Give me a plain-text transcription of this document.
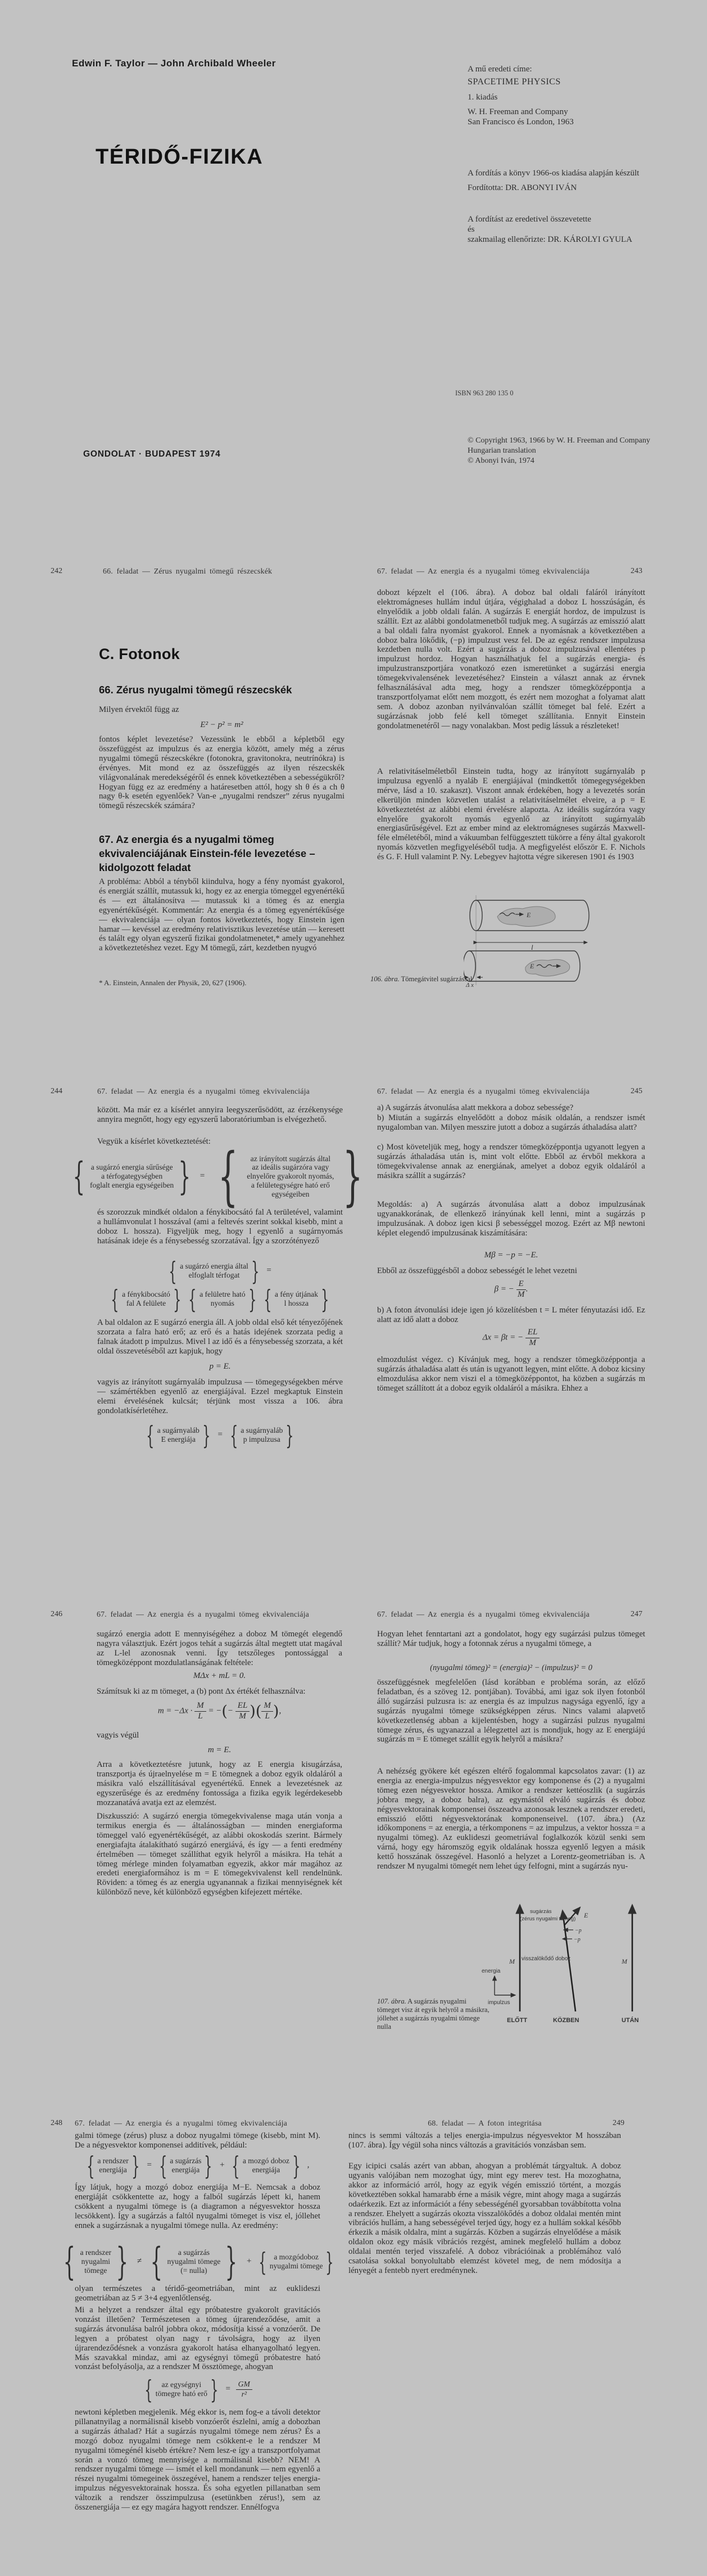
Edwin F. Taylor — John Archibald Wheeler
TÉRIDŐ-FIZIKA
GONDOLAT · BUDAPEST 1974
A mű eredeti címe:
SPACETIME PHYSICS
1. kiadás
W. H. Freeman and Company
San Francisco és London, 1963
A fordítás a könyv 1966-os kiadása alapján készült
Fordította: DR. ABONYI IVÁN
A fordítást az eredetivel összevetette
és
szakmailag ellenőrizte: DR. KÁROLYI GYULA
ISBN 963 280 135 0
© Copyright 1963, 1966 by W. H. Freeman and Company
Hungarian translation
© Abonyi Iván, 1974
242	66. feladat — Zérus nyugalmi tömegű részecskék
C. Fotonok
66. Zérus nyugalmi tömegű részecskék
Milyen érvektől függ az
E² − p² = m²
fontos képlet levezetése? Vezessünk le ebből a képletből egy összefüggést az impulzus és az energia között, amely még a zérus nyugalmi tömegű részecskékre (fotonokra, gravitonokra, neutrínókra) is érvényes. Mit mond ez az összefüggés az ilyen részecskék világvonalának meredekségéről és ennek következtében a sebességükről? Hogyan függ ez az eredmény a határesetben attól, hogy sh θ és a ch θ nagy θ-k esetén egyenlőek? Van-e „nyugalmi rendszer” zérus nyugalmi tömegű részecskék számára?
67. Az energia és a nyugalmi tömeg ekvivalenciájának Einstein-féle levezetése – kidolgozott feladat
A probléma: Abból a tényből kiindulva, hogy a fény nyomást gyakorol, és energiát szállít, mutassuk ki, hogy ez az energia tömeggel egyenértékű és — ezt általánosítva — mutassuk ki a tömeg és az energia egyenértékűségét. Kommentár: Az energia és a tömeg egyenértékűsége — ekvivalenciája — olyan fontos következtetés, hogy Einstein igen hamar — kevéssel az eredmény relativisztikus levezetése után — keresett és talált egy olyan egyszerű fizikai gondolatmenetet,* amely ugyanehhez a következtetéshez vezet. Egy M tömegű, zárt, kezdetben nyugvó
* A. Einstein, Annalen der Physik, 20, 627 (1906).
67. feladat — Az energia és a nyugalmi tömeg ekvivalenciája	243
dobozt képzelt el (106. ábra). A doboz bal oldali faláról irányított elektromágneses hullám indul útjára, végighalad a doboz L hosszúságán, és elnyelődik a jobb oldali falán. A sugárzás E energiát hordoz, de impulzust is szállít. Ezt az alábbi gondolatmenetből tudjuk meg. A sugárzás az emisszió alatt a bal oldali falra nyomást gyakorol. Ennek a nyomásnak a következtében a doboz balra lökődik, (−p) impulzust vesz fel. De az egész rendszer impulzusa kezdetben nulla volt. Ezért a sugárzás a doboz impulzusával ellentétes p impulzust hordoz. Hogyan használhatjuk fel a sugárzás energia- és impulzustranszportjára vonatkozó ezen ismeretünket a sugárzási energia tömegekvivalensének levezetéséhez? Einstein a választ annak az érvnek felhasználásával adta meg, hogy a rendszer tömegközéppontja a transzportfolyamat előtt nem mozgott, és ezért nem mozoghat a folyamat alatt sem. A doboz azonban nyilvánvalóan szállít tömeget bal felé. Ezért a sugárzásnak jobb felé kell tömeget szállítania. Ennyit Einstein gondolatmenetéről — nagy vonalakban. Most pedig lássuk a részleteket!
A relativitáselméletből Einstein tudta, hogy az irányított sugárnyaláb p impulzusa egyenlő a nyaláb E energiájával (mindkettőt tömegegységekben mérve, lásd a 10. szakaszt). Viszont annak érdekében, hogy a levezetés során elkerüljön minden közvetlen utalást a relativitáselmélet elveire, a p = E következtetést az alábbi elemi érvelésre alapozta. Az ideális sugárzóra vagy elnyelőre gyakorolt nyomás egyenlő az irányított sugárnyaláb energiasűrűségével. Ezt az ember mind az elektromágneses sugárzás Maxwell-féle elméletéből, mind a vákuumban felfüggesztett tükörre a fény által gyakorolt nyomás közvetlen megfigyeléséből tudja. A megfigyelést először E. F. Nichols és G. F. Hull valamint P. Ny. Lebegyev hajtotta végre sikeresen 1901 és 1903
E
l
E
Δ x
106. ábra. Tömegátvitel sugárzással
244	67. feladat — Az energia és a nyugalmi tömeg ekvivalenciája
között. Ma már ez a kísérlet annyira leegyszerűsödött, az érzékenysége annyira megnőtt, hogy egy egyszerű laboratóriumban is elvégezhető.
Vegyük a kísérlet következtetését:
{ a sugárzó energia sűrűsége
a térfogategységben
foglalt energia egységeiben } = {	az irányított sugárzás által
az ideális sugárzóra vagy
elnyelőre gyakorolt nyomás,
a felületegységre ható erő
egységeiben }
és szorozzuk mindkét oldalon a fénykibocsátó fal A területével, valamint a hullámvonulat l hosszával (ami a feltevés szerint sokkal kisebb, mint a doboz L hossza). Figyeljük meg, hogy l egyenlő a sugárnyomás hatásának ideje és a fénysebesség szorzatával. Így a szorzótényező
{ a sugárzó energia által
elfoglalt térfogat } =
{ a fénykibocsátó
fal A felülete } { a felületre ható
nyomás } { a fény útjának
l hossza }
A bal oldalon az E sugárzó energia áll. A jobb oldal első két tényezőjének szorzata a falra ható erő; az erő és a hatás idejének szorzata pedig a falnak átadott p impulzus. Mivel l az idő és a fénysebesség szorzata, a két oldal összevetéséből azt kapjuk, hogy
p = E.
vagyis az irányított sugárnyaláb impulzusa — tömegegységekben mérve — számértékben egyenlő az energiájával. Ezzel megkaptuk Einstein elemi érvelésének kulcsát; térjünk most vissza a 106. ábra gondolatkísérletéhez.
{ a sugárnyaláb
E energiája } = { a sugárnyaláb
p impulzusa }
67. feladat — Az energia és a nyugalmi tömeg ekvivalenciája	245
a) A sugárzás átvonulása alatt mekkora a doboz sebessége?
b) Miután a sugárzás elnyelődött a doboz másik oldalán, a rendszer ismét nyugalomban van. Milyen messzire jutott a doboz a sugárzás áthaladása alatt?
c) Most követeljük meg, hogy a rendszer tömegközéppontja ugyanott legyen a sugárzás áthaladása után is, mint volt előtte. Ebből az érvből mekkora a tömegekvivalense annak az energiának, amelyet a doboz egyik oldaláról a másikra szállít a sugárzás?
Megoldás: a) A sugárzás átvonulása alatt a doboz impulzusának ugyanakkorának, de ellenkező irányúnak kell lenni, mint a sugárzás p impulzusának. A doboz igen kicsi β sebességgel mozog. Ezért az Mβ newtoni képlet elegendő impulzusának kiszámítására:
Mβ = −p = −E.
Ebből az összefüggésből a doboz sebességét le lehet vezetni
β = − $\frac{E}{M}$ .
b) A foton átvonulási ideje igen jó közelítésben t = L méter fényutazási idő. Ez alatt az idő alatt a doboz
Δx = βt = − $\frac{EL}{M}$
elmozdulást végez. c) Kívánjuk meg, hogy a rendszer tömegközéppontja a sugárzás áthaladása alatt és után is ugyanott legyen, mint előtte. A doboz kicsiny elmozdulása akkor nem viszi el a tömegközéppontot, ha közben a sugárzás m tömeget szállított át a doboz egyik oldaláról a másikra. Ehhez a
246	67. feladat — Az energia és a nyugalmi tömeg ekvivalenciája
sugárzó energia adott E mennyiségéhez a doboz M tömegét elegendő nagyra választjuk. Ezért jogos tehát a sugárzás által megtett utat magával az L-lel azonosnak venni. Így tetszőleges pontossággal a tömegközéppont mozdulatlanságának feltétele:
MΔx + mL = 0.
Számítsuk ki az m tömeget, a (b) pont Δx értékét felhasználva:
$m = -\Delta x \cdot \frac{M}{L}$ = −(− $\frac{EL}{M}$ )( $\frac{M}{L}$ ),
vagyis végül
m = E.
Arra a következtetésre jutunk, hogy az E energia kisugárzása, transzportja és újraelnyelése m = E tömegnek a doboz egyik oldaláról a másikra való elszállításával egyenértékű. Ennek a levezetésnek az egyszerűsége és az eredmény fontossága a fizika egyik legérdekesebb mozzanatává avatja ezt az elemzést.
Diszkusszió: A sugárzó energia tömegekvivalense maga után vonja a termikus energia és — általánosságban — minden energiaforma tömeggel való egyenértékűségét, az alábbi okoskodás szerint. Bármely energiafajta átalakítható sugárzó energiává, és így — a fenti eredmény értelmében — tömeget szállíthat egyik helyről a másikra. Ha tehát a tömeg mérlege minden folyamatban egyezik, akkor már magához az eredeti energiaformához is m = E tömegekvivalenst kell rendelnünk. Röviden: a tömeg és az energia ugyanannak a fizikai mennyiségnek két különböző neve, két különböző egységben kifejezett mértéke.
67. feladat — Az energia és a nyugalmi tömeg ekvivalenciája	247
Hogyan lehet fenntartani azt a gondolatot, hogy egy sugárzási pulzus tömeget szállít? Már tudjuk, hogy a fotonnak zérus a nyugalmi tömege, a
(nyugalmi tömeg)² = (energia)² − (impulzus)² = 0
összefüggésnek megfelelően (lásd korábban e probléma során, az előző feladatban, és a szöveg 12. pontjában). Továbbá, ami igaz sok ilyen fotonból álló sugárzási pulzusra is: az energia és az impulzus nagysága egyenlő, így a sugárzás nyugalmi tömege szükségképpen zérus. Nincs valami alapvető következetlenség abban a kijelentésben, hogy a sugárzási pulzus nyugalmi tömege zérus, és ugyanazzal a lélegzettel azt is mondjuk, hogy az E energiájú sugárzás m = E tömeget szállít egyik helyről a másikra?
A nehézség gyökere két egészen eltérő fogalommal kapcsolatos zavar: (1) az energia az energia-impulzus négyesvektor egy komponense és (2) a nyugalmi tömeg ezen négyesvektor hossza. Amikor a rendszer kettéoszlik (a sugárzás jobbra megy, a doboz balra), az egymástól elváló sugárzás és doboz négyesvektorainak komponensei összeadva azonosak lesznek a rendszer eredeti, emisszió előtti négyesvektorának komponenseivel. (107. ábra.) (Az időkomponens = az energia, a térkomponens = az impulzus, a vektor hossza = a nyugalmi tömeg). Az euklideszi geometriával foglalkozók közül senki sem várná, hogy egy háromszög egyik oldalának hossza egyenlő legyen a másik kettő hosszának összegével. Hasonló a helyzet a Lorentz-geometriában is. A rendszer M nyugalmi tömegét nem lehet úgy felfogni, mint a sugárzás nyu-
energia
impulzus
M
ELŐTT
visszalökődő doboz
sugárzás
(zérus nyugalmi tömeg) E
−p
−p
KÖZBEN
M
UTÁN
107. ábra. A sugárzás nyugalmi tömeget visz át egyik helyről a másikra, jóllehet a sugárzás nyugalmi tömege nulla
248 67. feladat — Az energia és a nyugalmi tömeg ekvivalenciája
galmi tömege (zérus) plusz a doboz nyugalmi tömege (kisebb, mint M). De a négyesvektor komponensei additívek, például:
{ a rendszer
energiája } = { a sugárzás
energiája } + { a mozgó doboz
energiája } ,
Így látjuk, hogy a mozgó doboz energiája M−E. Nemcsak a doboz energiáját csökkentette az, hogy a falból sugárzás lépett ki, hanem csökkent a nyugalmi tömege is (a diagramon a négyesvektor hossza lecsökkent). Így a sugárzás a faltól nyugalmi tömeget is visz el, jóllehet ennek a sugárzásnak a nyugalmi tömege nulla. Az eredmény:
{ a rendszer
nyugalmi
tömege } ≠ {	a sugárzás
nyugalmi tömege
(= nulla) } + { a mozgódoboz
nyugalmi tömege }
olyan természetes a téridő-geometriában, mint az euklideszi geometriában az 5 ≠ 3+4 egyenlőtlenség.
Mi a helyzet a rendszer által egy próbatestre gyakorolt gravitációs vonzást illetően? Természetesen a tömeg újrarendeződése, amit a sugárzás átvonulása balról jobbra okoz, módosítja kissé a vonzóerőt. De legyen a próbatest olyan nagy r távolságra, hogy az ilyen újrarendeződésnek a vonzásra gyakorolt hatása elhanyagolható legyen. Más szavakkal mindaz, ami az egységnyi tömegű próbatestre ható vonzást befolyásolja, az a rendszer M össztömege, ahogyan
{	az egységnyi
tömegre ható erő } = $\frac{GM}{\text{r²}}$
newtoni képletben megjelenik. Még ekkor is, nem fog-e a távoli detektor pillanatnyilag a normálisnál kisebb vonzóerőt észlelni, amíg a dobozban a sugárzás áthalad? Hát a sugárzás nyugalmi tömege nem zérus? És a mozgó doboz nyugalmi tömege nem csökkent-e le a rendszer M nyugalmi tömegénél kisebb értékre? Nem lesz-e így a transzportfolyamat során a vonzó tömeg mennyisége a normálisnál kisebb? NEM! A rendszer nyugalmi tömege — ismét el kell mondanunk — nem egyenlő a részei nyugalmi tömegeinek összegével, hanem a rendszer teljes energia-impulzus négyesvektorainak hossza. És soha egyetlen pillanatban sem változik a rendszer összimpulzusa (esetünkben zérus!), sem az összenergiája — ez egy magára hagyott rendszer. Ennélfogva
68. feladat — A foton integritása	249
nincs is semmi változás a teljes energia-impulzus négyesvektor M hosszában (107. ábra). Így végül soha nincs változás a gravitációs vonzásban sem.
Egy icipici csalás azért van abban, ahogyan a problémát tárgyaltuk. A doboz ugyanis valójában nem mozoghat úgy, mint egy merev test. Ha mozoghatna, akkor az információ arról, hogy az egyik végén emisszió történt, a mozgás következtében sokkal hamarabb érne a másik végre, mint ahogy maga a sugárzás odaérkezik. Ezt az információt a fény sebességénél gyorsabban továbbította volna a rendszer. Ehelyett a sugárzás okozta visszalökődés a doboz oldalai mentén mint vibrációs hullám, a hang sebességével terjed úgy, hogy ez a hullám sokkal később érkezik a másik oldalra, mint a sugárzás. Közben a sugárzás elnyelődése a másik oldalon okoz egy másik vibrációs rezgést, aminek megfelelő hullám a doboz oldalai mentén terjed visszafelé. A doboz vibrációinak a problémához való csatolása sokkal bonyolultabb elemzést követel meg, de nem módosítja a lényegét a fentebb nyert eredménynek.
